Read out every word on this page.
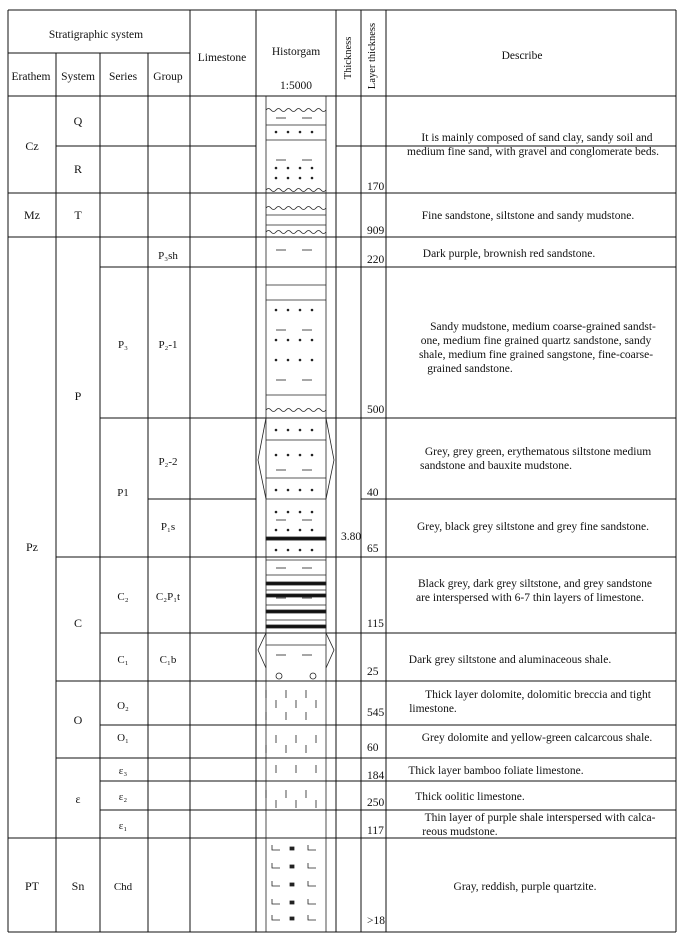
Stratigraphic system
Erathem System Series Group
Limestone Historgam
1:5000
Thickness Layer thickness	Describe
Cz
Mz
Pz
PT
Q
R
T
P
C
O
ε
Sn
P₃
P1
C₂
C₁
O₂
O₁
ε₃
ε₂
ε₁
Chd
P₃sh
P₂-1
P₂-2
P₁s
C₂P₁t
C₁b
3.80
170
909
220
500
40
65
115
25
545
60
184
250
117
>18
It is mainly composed of sand clay, sandy soil and medium fine sand, with gravel and conglomerate beds.
Fine sandstone, siltstone and sandy mudstone.
Dark purple, brownish red sandstone.
Sandy mudstone, medium coarse-grained sandst-one, medium fine grained quartz sandstone, sandy shale, medium fine grained sangstone, fine-coarse-grained sandstone.
Grey, grey green, erythematous siltstone medium sandstone and bauxite mudstone.
Grey, black grey siltstone and grey fine sandstone.
Black grey, dark grey siltstone, and grey sandstone are interspersed with 6-7 thin layers of limestone.
Dark grey siltstone and aluminaceous shale.
Thick layer dolomite, dolomitic breccia and tight limestone.
Grey dolomite and yellow-green calcarcous shale.
Thick layer bamboo foliate limestone.
Thick oolitic limestone.
Thin layer of purple shale interspersed with calca-reous mudstone.
Gray, reddish, purple quartzite.
